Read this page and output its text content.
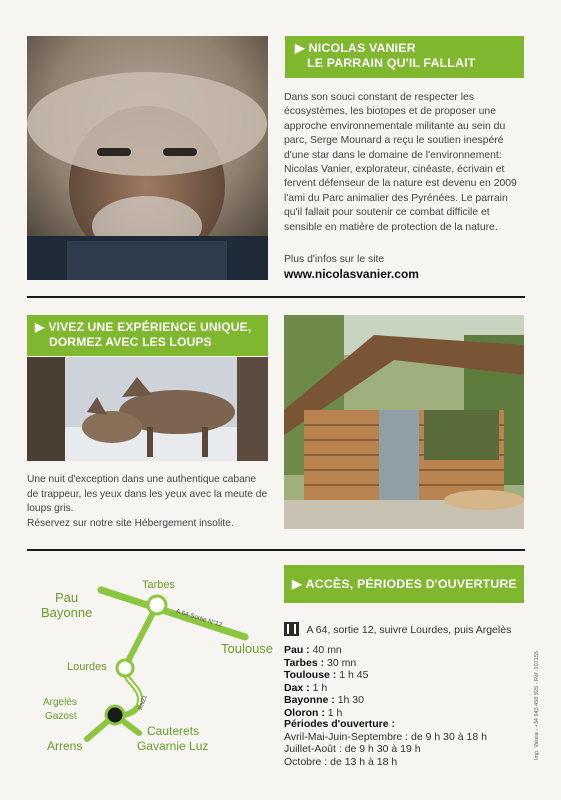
▶ NICOLAS VANIER
LE PARRAIN QU'IL FALLAIT
Dans son souci constant de respecter les
écosystèmes, les biotopes et de proposer une
approche environnementale militante au sein du
parc, Serge Mounard a reçu le soutien inespéré
d'une star dans le domaine de l'environnement:
Nicolas Vanier, explorateur, cinéaste, écrivain et
fervent défenseur de la nature est devenu en 2009
l'ami du Parc animalier des Pyrénées. Le parrain
qu'il fallait pour soutenir ce combat difficile et
sensible en matière de protection de la nature.
Plus d'infos sur le site
www.nicolasvanier.com
▶ VIVEZ UNE EXPÉRIENCE UNIQUE,
DORMEZ AVEC LES LOUPS
Une nuit d'exception dans une authentique cabane
de trappeur, les yeux dans les yeux avec la meute de
loups gris.
Réservez sur notre site Hébergement insolite.
Tarbes
Pau
Bayonne	A 64 Sortie N°12
Toulouse
Lourdes
RN21
Argelès
Gazost
Cauterets
Arrens	Gavarnie Luz
▶ ACCÈS, PÉRIODES D'OUVERTURE
A 64, sortie 12, suivre Lourdes, puis Argelès
Pau : 40 mn
Tarbes : 30 mn
Toulouse : 1 h 45
Dax : 1 h
Bayonne : 1h 30
Oloron : 1 h
Périodes d'ouverture :
Avril-Mai-Juin-Septembre : de 9 h 30 à 18 h
Juillet-Août : de 9 h 30 à 19 h
Octobre : de 13 h à 18 h
Imp. Varela - +34 943 458 925 - Réf. 107155
